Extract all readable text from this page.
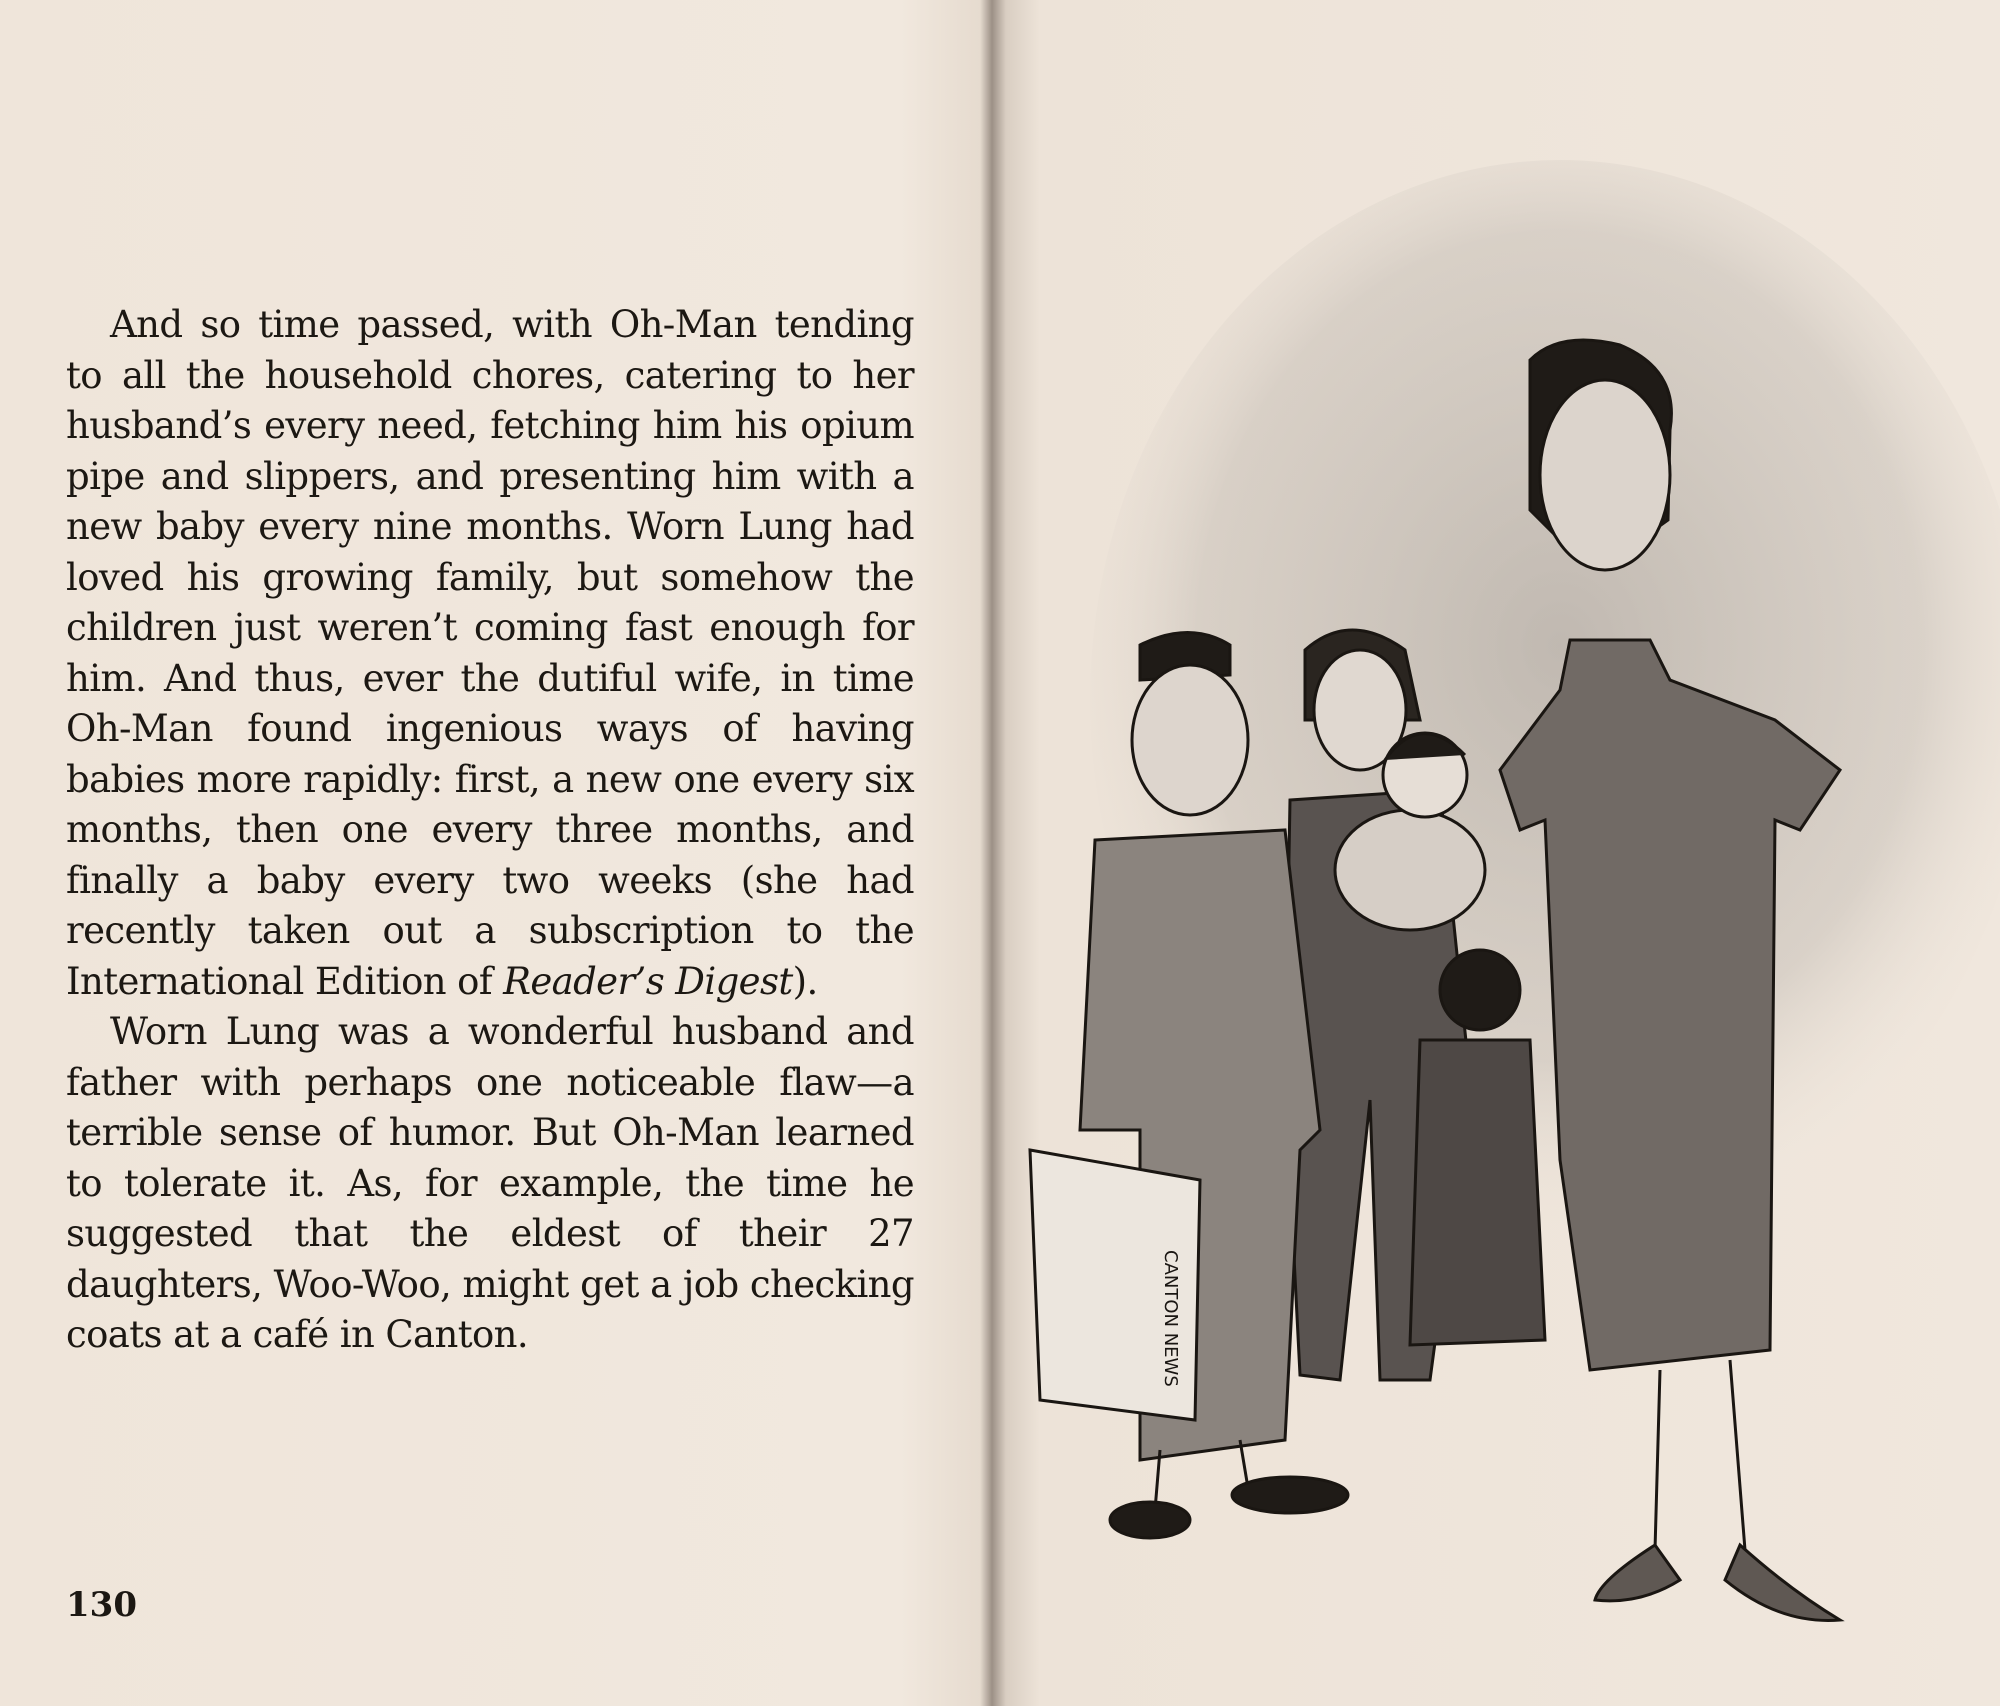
And so time passed, with Oh-Man tending to all the household chores, catering to her husband’s every need, fetching him his opium pipe and slippers, and presenting him with a new baby every nine months. Worn Lung had loved his growing family, but somehow the children just weren’t coming fast enough for him. And thus, ever the dutiful wife, in time Oh-Man found ingenious ways of having babies more rapidly: first, a new one every six months, then one every three months, and finally a baby every two weeks (she had recently taken out a subscription to the International Edition of Reader’s Digest).

Worn Lung was a wonderful husband and father with perhaps one noticeable flaw—a terrible sense of humor. But Oh-Man learned to tolerate it. As, for example, the time he suggested that the eldest of their 27 daughters, Woo-Woo, might get a job checking coats at a café in Canton.

130
CANTON NEWS
